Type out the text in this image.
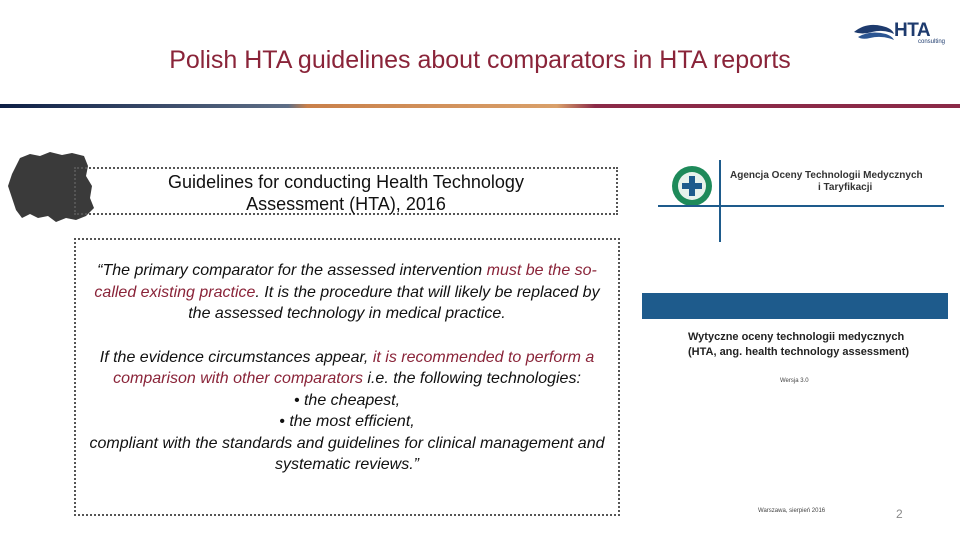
Polish HTA guidelines about comparators in HTA reports
HTA
consulting
Guidelines for conducting Health Technology
Assessment (HTA), 2016

“The primary comparator for the assessed intervention must be the so-called existing practice. It is the procedure that will likely be replaced by the assessed technology in medical practice.

If the evidence circumstances appear, it is recommended to perform a comparison with other comparators i.e. the following technologies:

• the cheapest,

• the most efficient,

compliant with the standards and guidelines for clinical management and systematic reviews.”

Agencja Oceny Technologii Medycznych
i Taryfikacji
Wytyczne oceny technologii medycznych
(HTA, ang. health technology assessment)
Wersja 3.0
Warszawa, sierpień 2016	2
